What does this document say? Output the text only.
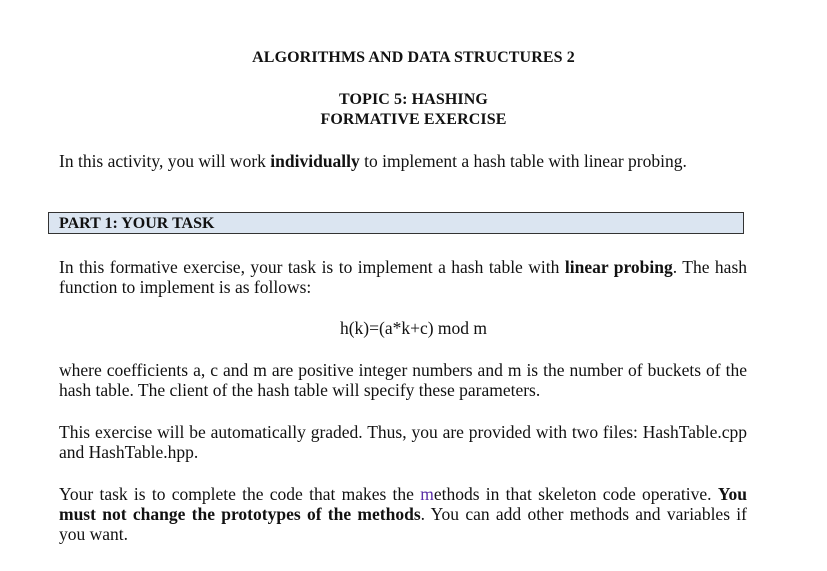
ALGORITHMS AND DATA STRUCTURES 2
TOPIC 5: HASHING
FORMATIVE EXERCISE
In this activity, you will work individually to implement a hash table with linear probing.
PART 1: YOUR TASK
In this formative exercise, your task is to implement a hash table with linear probing. The hash function to implement is as follows:
h(k)=(a*k+c) mod m
where coefficients a, c and m are positive integer numbers and m is the number of buckets of the hash table. The client of the hash table will specify these parameters.
This exercise will be automatically graded. Thus, you are provided with two files: HashTable.cpp and HashTable.hpp.
Your task is to complete the code that makes the methods in that skeleton code operative. You must not change the prototypes of the methods. You can add other methods and variables if you want.
